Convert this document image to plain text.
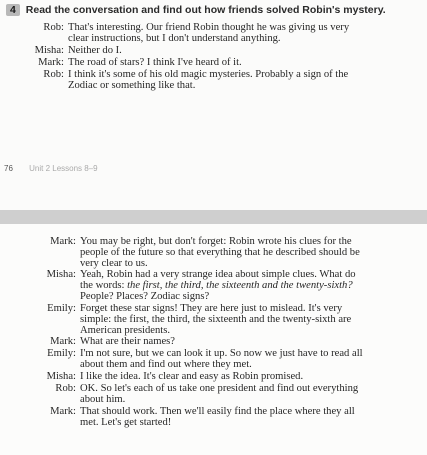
4 Read the conversation and find out how friends solved Robin's mystery.
Rob: That's interesting. Our friend Robin thought he was giving us very
clear instructions, but I don't understand anything.
Misha: Neither do I.
Mark: The road of stars? I think I've heard of it.
Rob: I think it's some of his old magic mysteries. Probably a sign of the
Zodiac or something like that.
76 Unit 2 Lessons 8–9
Mark: You may be right, but don't forget: Robin wrote his clues for the
people of the future so that everything that he described should be
very clear to us.
Misha: Yeah, Robin had a very strange idea about simple clues. What do
the words: the first, the third, the sixteenth and the twenty-sixth?
People? Places? Zodiac signs?
Emily: Forget these star signs! They are here just to mislead. It's very
simple: the first, the third, the sixteenth and the twenty-sixth are
American presidents.
Mark: What are their names?
Emily: I'm not sure, but we can look it up. So now we just have to read all
about them and find out where they met.
Misha: I like the idea. It's clear and easy as Robin promised.
Rob: OK. So let's each of us take one president and find out everything
about him.
Mark: That should work. Then we'll easily find the place where they all
met. Let's get started!
